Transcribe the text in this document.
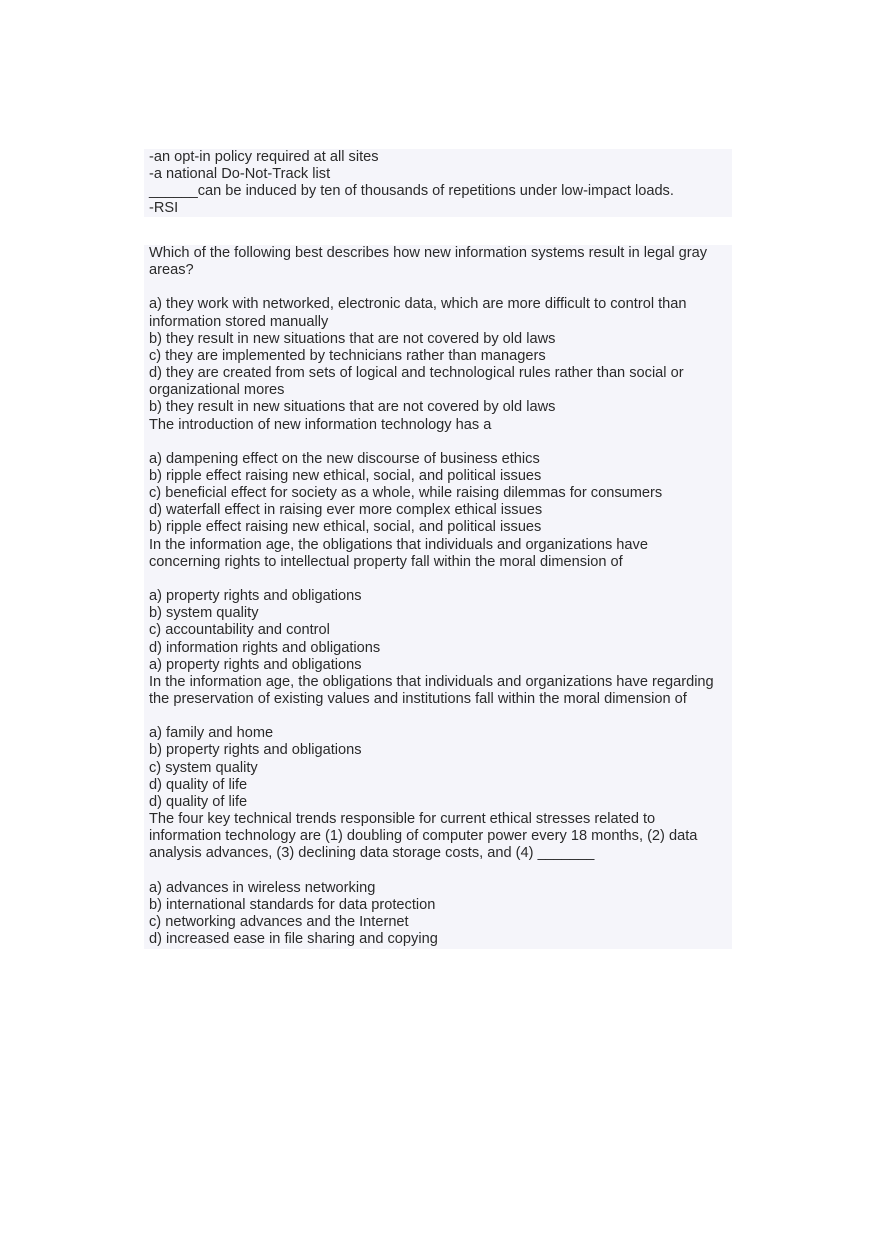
-an opt-in policy required at all sites
-a national Do-Not-Track list
______can be induced by ten of thousands of repetitions under low-impact loads.
-RSI
Which of the following best describes how new information systems result in legal gray
areas?
a) they work with networked, electronic data, which are more difficult to control than
information stored manually
b) they result in new situations that are not covered by old laws
c) they are implemented by technicians rather than managers
d) they are created from sets of logical and technological rules rather than social or
organizational mores
b) they result in new situations that are not covered by old laws
The introduction of new information technology has a
a) dampening effect on the new discourse of business ethics
b) ripple effect raising new ethical, social, and political issues
c) beneficial effect for society as a whole, while raising dilemmas for consumers
d) waterfall effect in raising ever more complex ethical issues
b) ripple effect raising new ethical, social, and political issues
In the information age, the obligations that individuals and organizations have
concerning rights to intellectual property fall within the moral dimension of
a) property rights and obligations
b) system quality
c) accountability and control
d) information rights and obligations
a) property rights and obligations
In the information age, the obligations that individuals and organizations have regarding
the preservation of existing values and institutions fall within the moral dimension of
a) family and home
b) property rights and obligations
c) system quality
d) quality of life
d) quality of life
The four key technical trends responsible for current ethical stresses related to
information technology are (1) doubling of computer power every 18 months, (2) data
analysis advances, (3) declining data storage costs, and (4) _______
a) advances in wireless networking
b) international standards for data protection
c) networking advances and the Internet
d) increased ease in file sharing and copying
